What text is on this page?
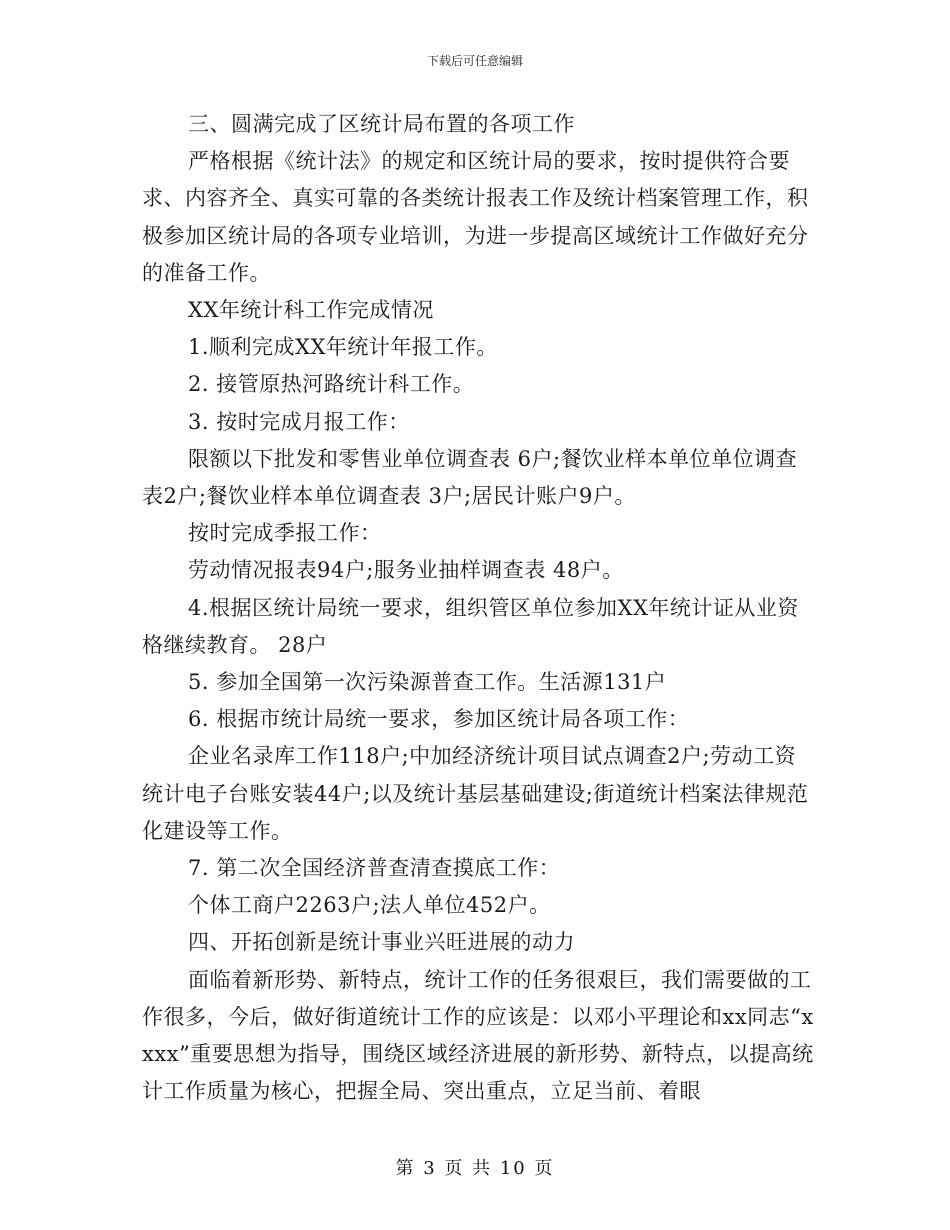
下载后可任意编辑

三、圆满完成了区统计局布置的各项工作

严格根据《统计法》的规定和区统计局的要求，按时提供符合要求、内容齐全、真实可靠的各类统计报表工作及统计档案管理工作，积极参加区统计局的各项专业培训，为进一步提高区域统计工作做好充分的准备工作。

XX年统计科工作完成情况

1.顺利完成XX年统计年报工作。

2. 接管原热河路统计科工作。

3. 按时完成月报工作：

限额以下批发和零售业单位调查表 6户;餐饮业样本单位单位调查表2户;餐饮业样本单位调查表 3户;居民计账户9户。

按时完成季报工作：

劳动情况报表94户;服务业抽样调查表 48户。

4.根据区统计局统一要求，组织管区单位参加XX年统计证从业资格继续教育。 28户

5. 参加全国第一次污染源普查工作。生活源131户

6. 根据市统计局统一要求，参加区统计局各项工作：

企业名录库工作118户;中加经济统计项目试点调查2户;劳动工资统计电子台账安装44户;以及统计基层基础建设;街道统计档案法律规范化建设等工作。

7. 第二次全国经济普查清查摸底工作：

个体工商户2263户;法人单位452户。

四、开拓创新是统计事业兴旺进展的动力

面临着新形势、新特点，统计工作的任务很艰巨，我们需要做的工作很多，今后，做好街道统计工作的应该是：以邓小平理论和xx同志“xxxx”重要思想为指导，围绕区域经济进展的新形势、新特点，以提高统计工作质量为核心，把握全局、突出重点，立足当前、着眼

第 3 页 共 10 页
